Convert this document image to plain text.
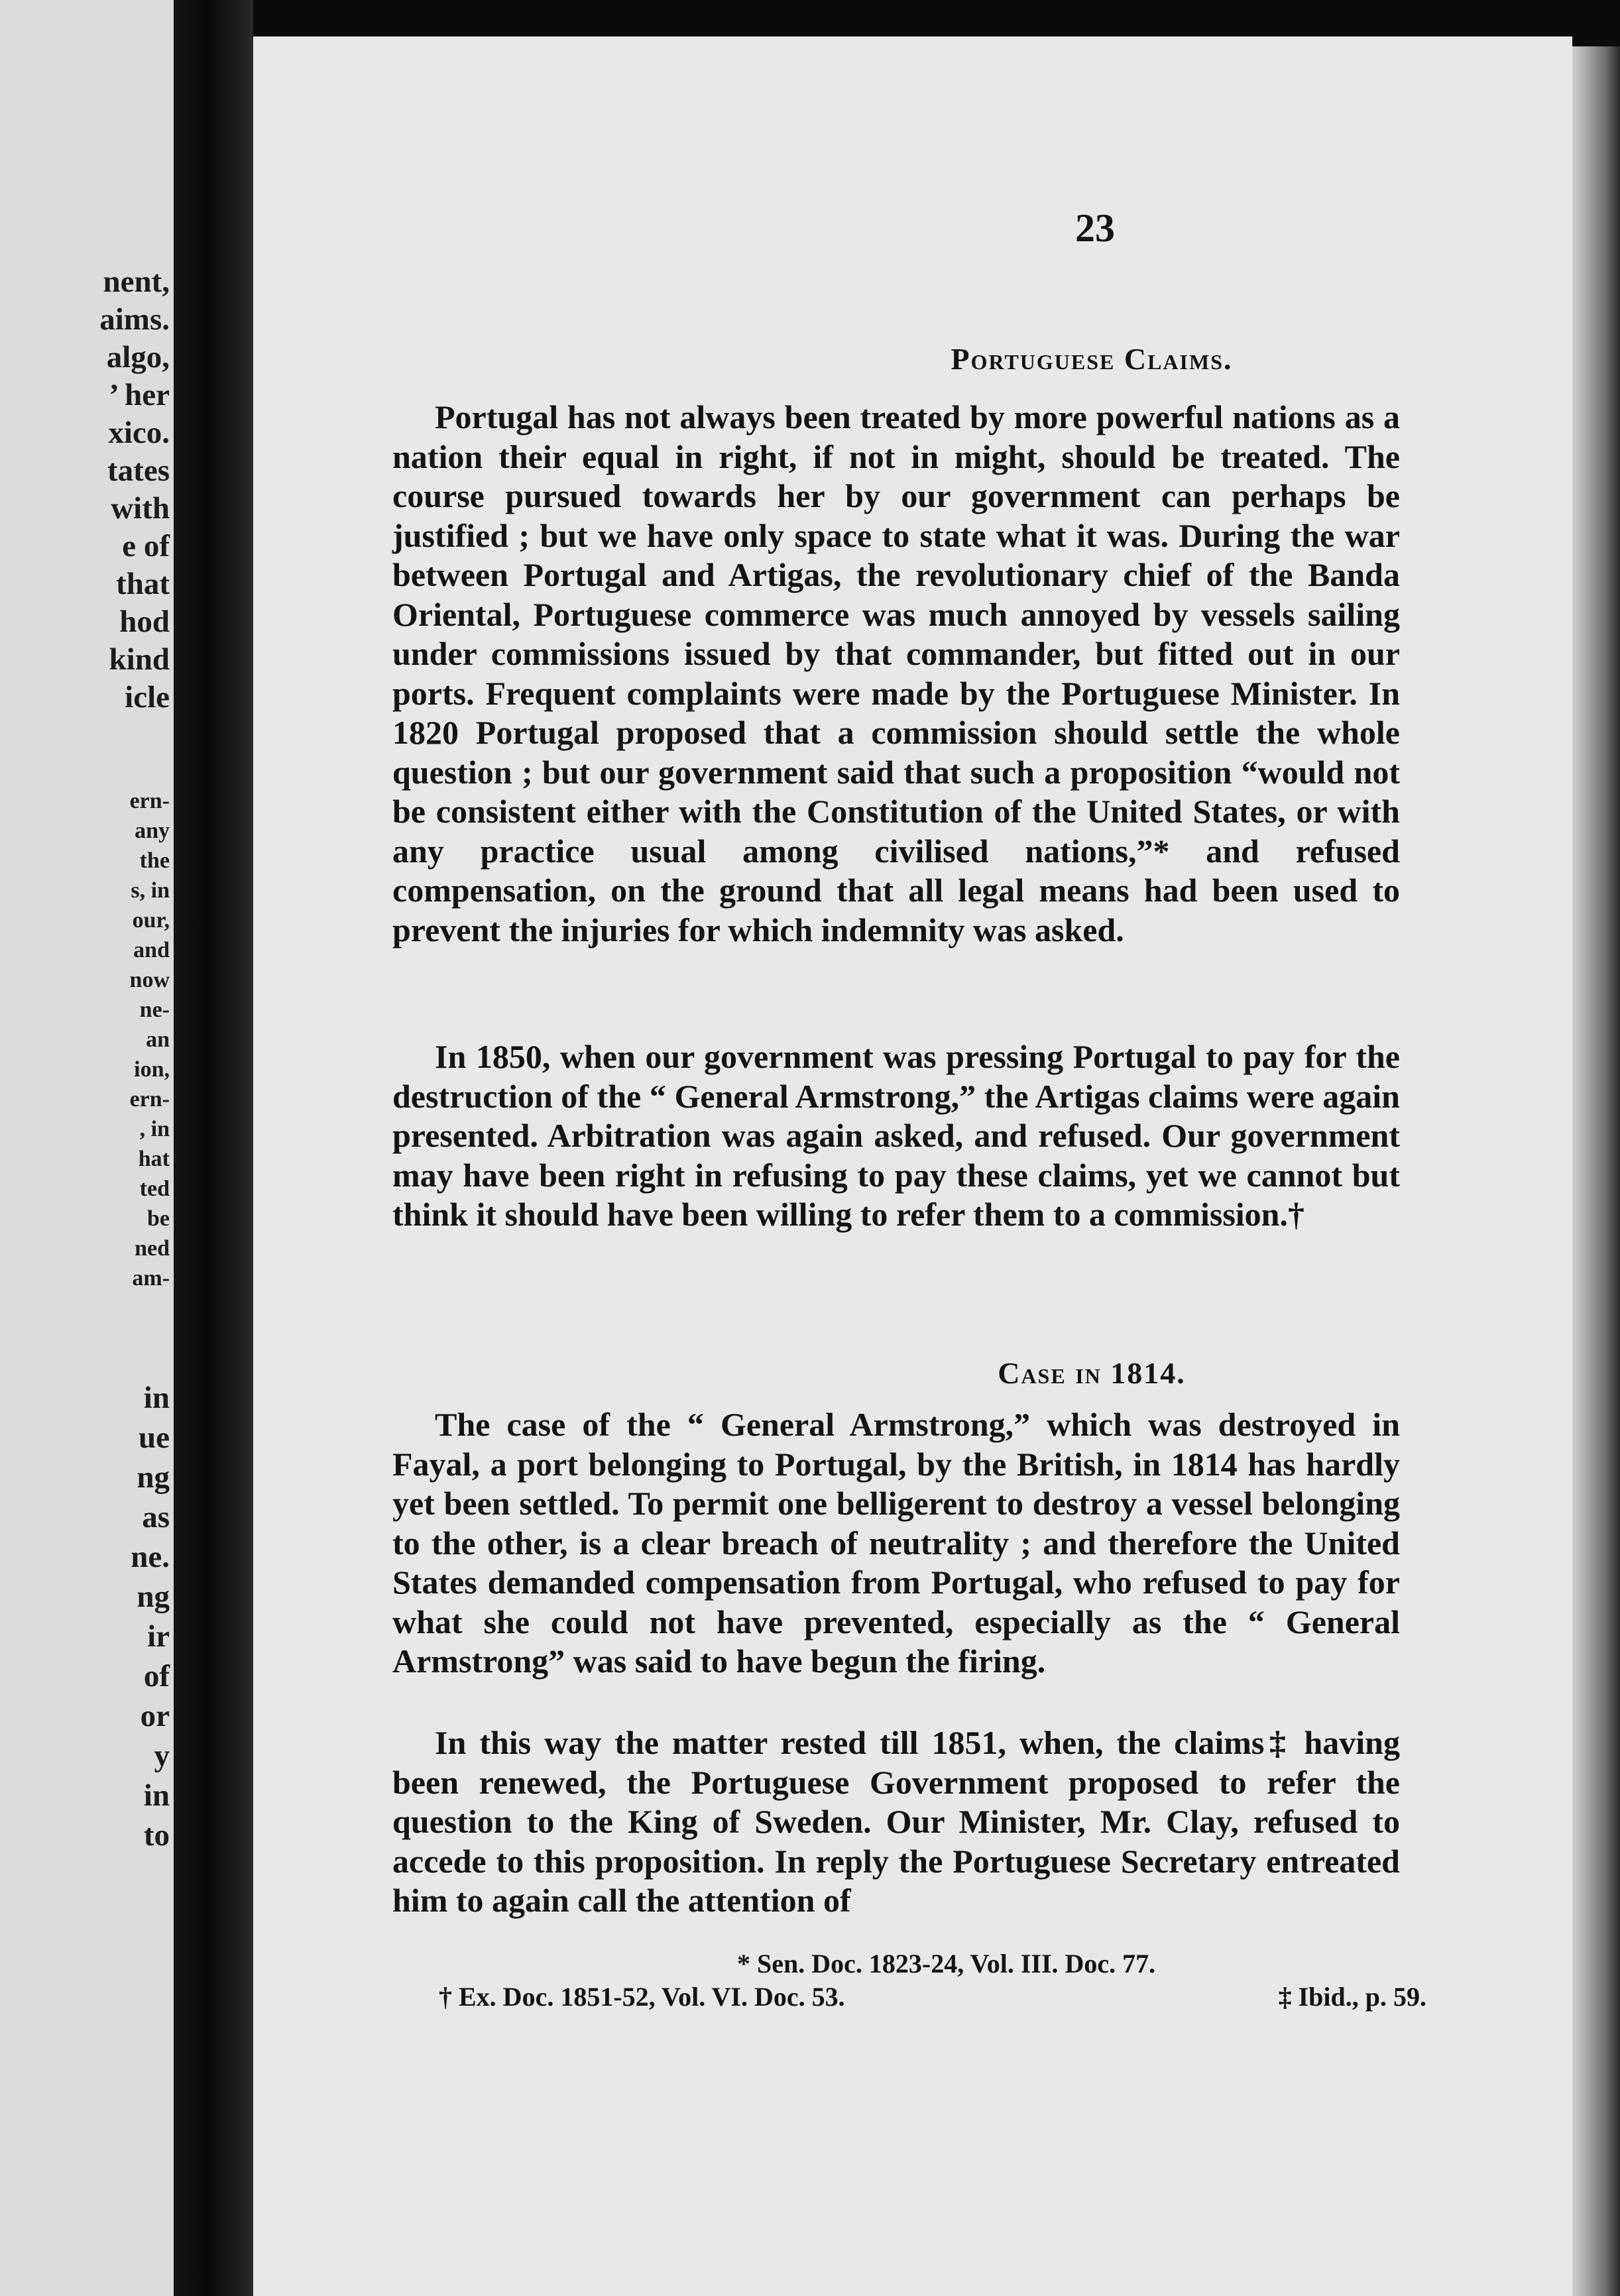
nent,
aims.
algo,
’ her
xico.
tates
with
e of
that
hod
kind
icle
ern-
any
the
s, in
our,
and
now
ne-
an
ion,
ern-
, in
hat
ted
be
ned
am-
in
ue
ng
as
ne.
ng
ir
of
or
y
in
to
23
Portuguese Claims.
Portugal has not always been treated by more powerful nations as a nation their equal in right, if not in might, should be treated. The course pursued towards her by our government can perhaps be justified ; but we have only space to state what it was. During the war between Portugal and Artigas, the revolutionary chief of the Banda Oriental, Portuguese commerce was much annoyed by vessels sailing under commissions issued by that commander, but fitted out in our ports. Frequent complaints were made by the Portuguese Minister. In 1820 Portugal proposed that a commission should settle the whole question ; but our government said that such a proposition “would not be consistent either with the Constitution of the United States, or with any practice usual among civilised nations,”* and refused compensation, on the ground that all legal means had been used to prevent the injuries for which indemnity was asked.
In 1850, when our government was pressing Portugal to pay for the destruction of the “ General Armstrong,” the Artigas claims were again presented. Arbitration was again asked, and refused. Our government may have been right in refusing to pay these claims, yet we cannot but think it should have been willing to refer them to a commission.†
Case in 1814.
The case of the “ General Armstrong,” which was destroyed in Fayal, a port belonging to Portugal, by the British, in 1814 has hardly yet been settled. To permit one belligerent to destroy a vessel belonging to the other, is a clear breach of neutrality ; and therefore the United States demanded compensation from Portugal, who refused to pay for what she could not have prevented, especially as the “ General Armstrong” was said to have begun the firing.
In this way the matter rested till 1851, when, the claims‡ having been renewed, the Portuguese Government proposed to refer the question to the King of Sweden. Our Minister, Mr. Clay, refused to accede to this proposition. In reply the Portuguese Secretary entreated him to again call the attention of
* Sen. Doc. 1823-24, Vol. III. Doc. 77.
† Ex. Doc. 1851-52, Vol. VI. Doc. 53.	‡ Ibid., p. 59.
